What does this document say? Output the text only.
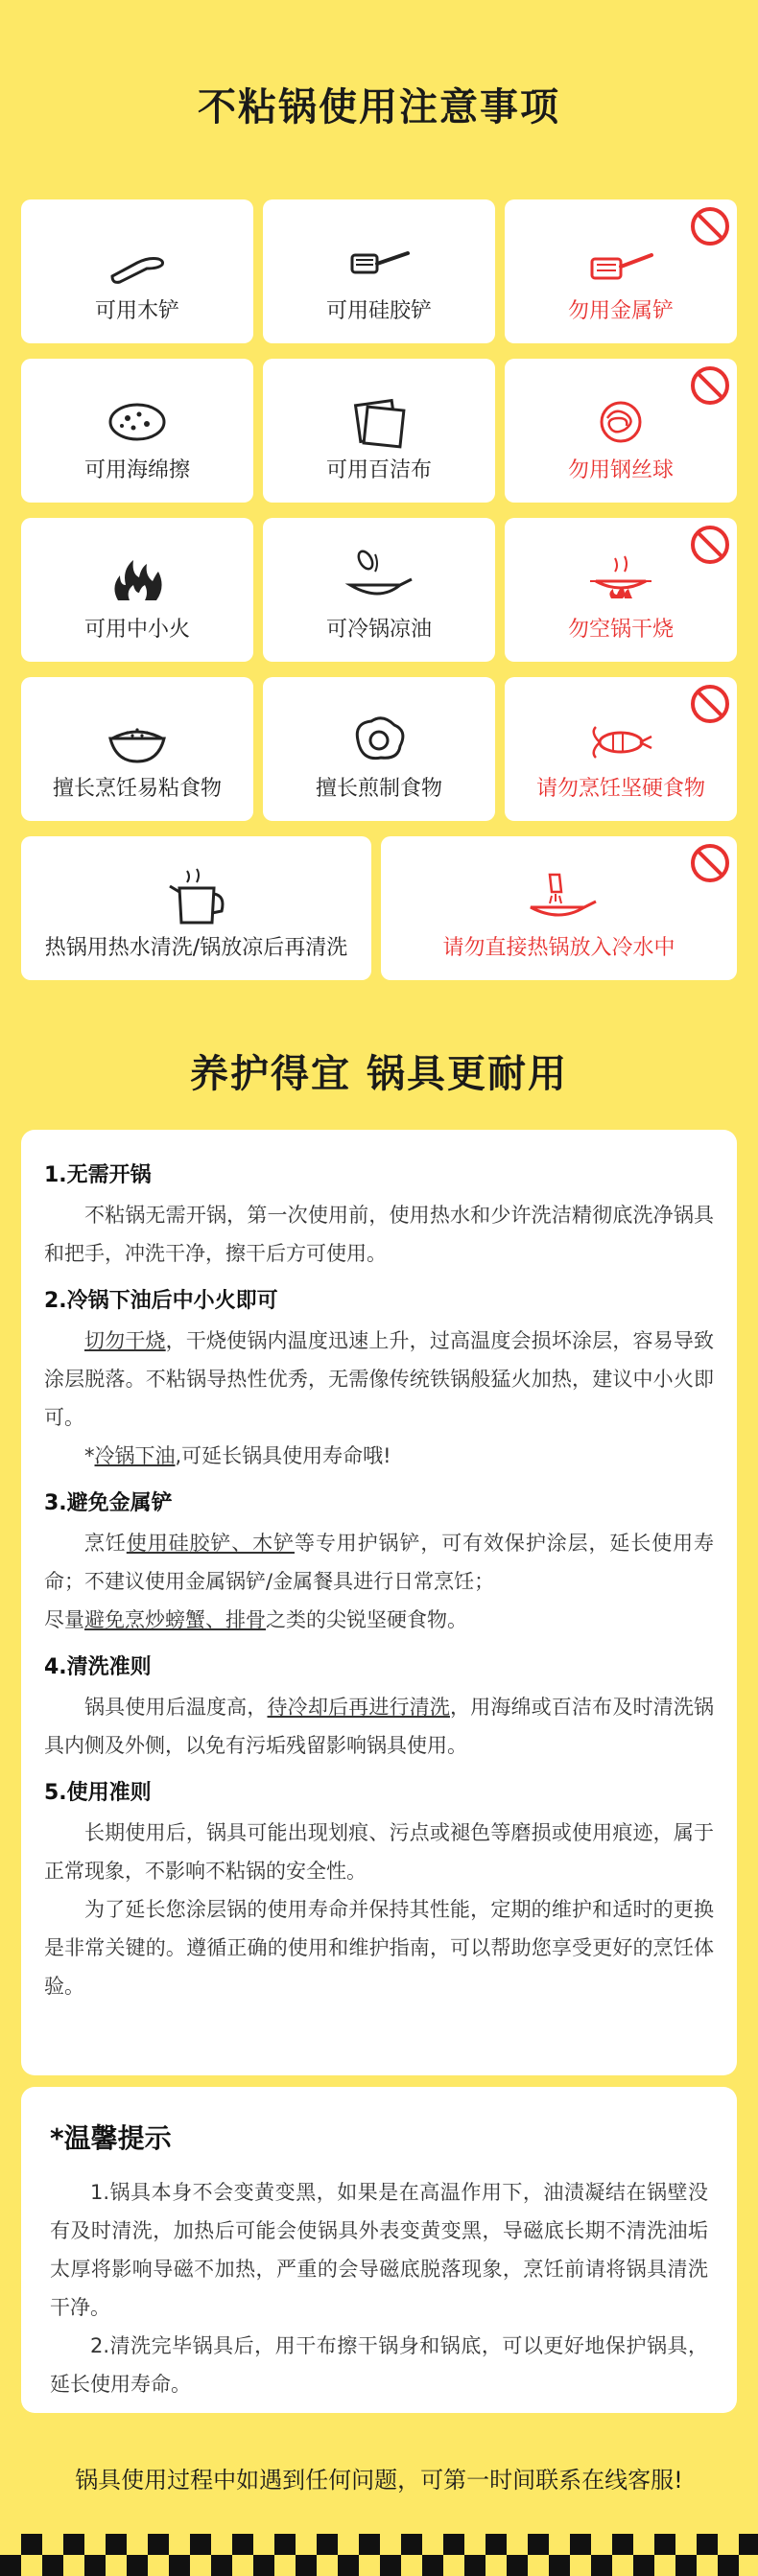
不粘锅使用注意事项
可用木铲	可用硅胶铲	勿用金属铲
可用海绵擦	可用百洁布	勿用钢丝球
可用中小火	可冷锅凉油	勿空锅干烧
擅长烹饪易粘食物	擅长煎制食物	请勿烹饪坚硬食物
热锅用热水清洗/锅放凉后再清洗	请勿直接热锅放入冷水中
养护得宜 锅具更耐用
1.无需开锅
不粘锅无需开锅，第一次使用前，使用热水和少许洗洁精彻底洗净锅具和把手，冲洗干净，擦干后方可使用。
2.冷锅下油后中小火即可
切勿干烧，干烧使锅内温度迅速上升，过高温度会损坏涂层，容易导致涂层脱落。不粘锅导热性优秀，无需像传统铁锅般猛火加热，建议中小火即可。
*冷锅下油,可延长锅具使用寿命哦!
3.避免金属铲
烹饪使用硅胶铲、木铲等专用护锅铲，可有效保护涂层，延长使用寿命；不建议使用金属锅铲/金属餐具进行日常烹饪；
尽量避免烹炒螃蟹、排骨之类的尖锐坚硬食物。
4.清洗准则
锅具使用后温度高，待冷却后再进行清洗，用海绵或百洁布及时清洗锅具内侧及外侧，以免有污垢残留影响锅具使用。
5.使用准则
长期使用后，锅具可能出现划痕、污点或褪色等磨损或使用痕迹，属于正常现象，不影响不粘锅的安全性。
为了延长您涂层锅的使用寿命并保持其性能，定期的维护和适时的更换是非常关键的。遵循正确的使用和维护指南，可以帮助您享受更好的烹饪体验。
*温馨提示
1.锅具本身不会变黄变黑，如果是在高温作用下，油渍凝结在锅壁没有及时清洗，加热后可能会使锅具外表变黄变黑，导磁底长期不清洗油垢太厚将影响导磁不加热，严重的会导磁底脱落现象，烹饪前请将锅具清洗干净。
2.清洗完毕锅具后，用干布擦干锅身和锅底，可以更好地保护锅具，延长使用寿命。
锅具使用过程中如遇到任何问题，可第一时间联系在线客服!
